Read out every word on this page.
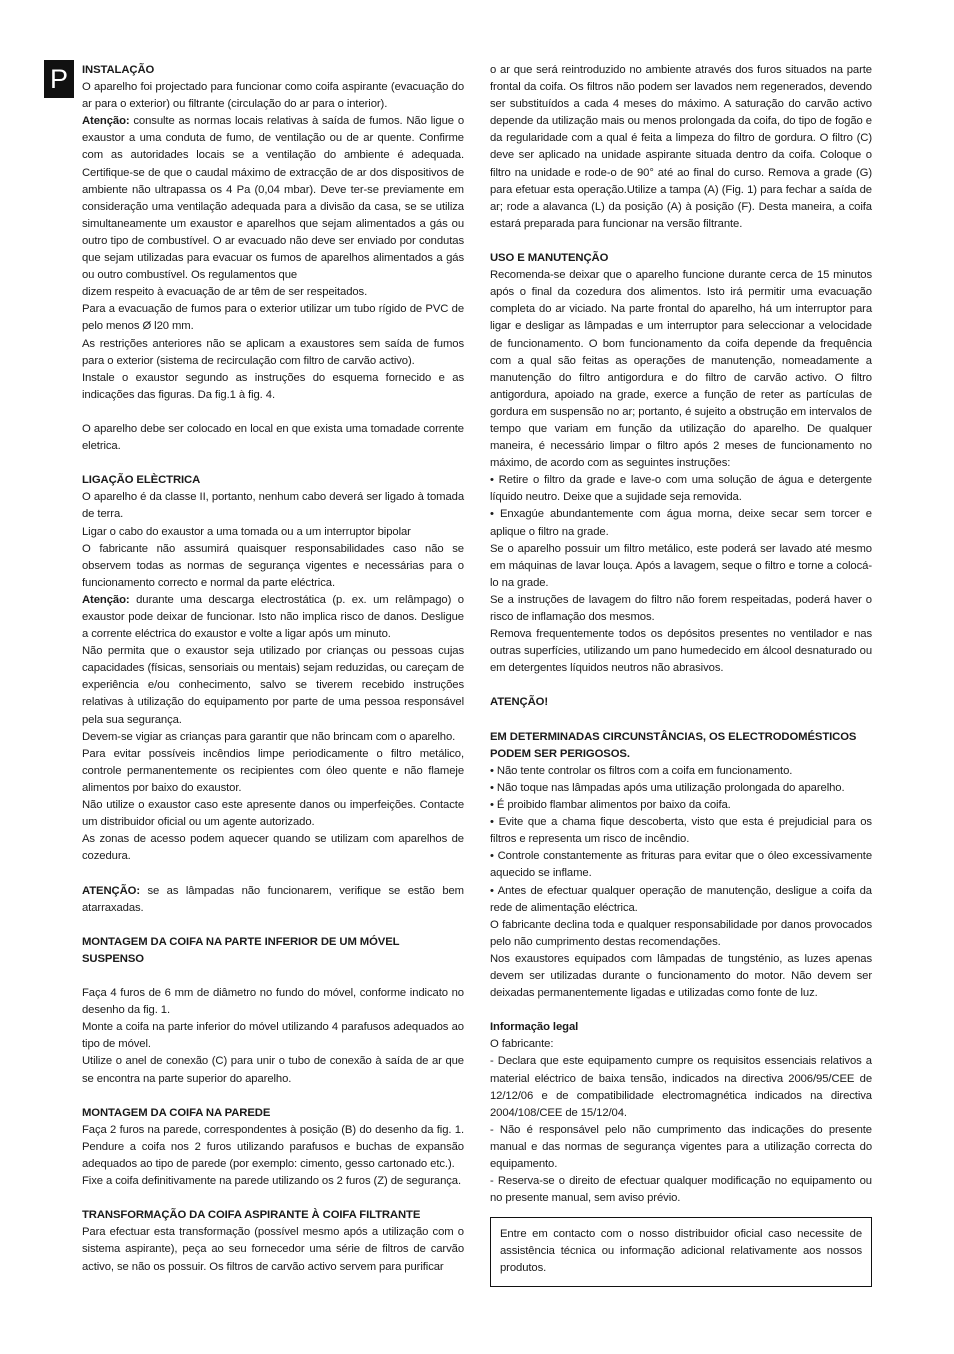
P	INSTALAÇÃO

O aparelho foi projectado para funcionar como coifa aspirante (evacuação do ar para o exterior) ou filtrante (circulação do ar para o interior).

Atenção: consulte as normas locais relativas à saída de fumos. Não ligue o exaustor a uma conduta de fumo, de ventilação ou de ar quente. Confirme com as autoridades locais se a ventilação do ambiente é adequada. Certifique-se de que o caudal máximo de extracção de ar dos dispositivos de ambiente não ultrapassa os 4 Pa (0,04 mbar). Deve ter-se previamente em consideração uma ventilação adequada para a divisão da casa, se se utiliza simultaneamente um exaustor e aparelhos que sejam alimentados a gás ou outro tipo de combustível. O ar evacuado não deve ser enviado por condutas que sejam utilizadas para evacuar os fumos de aparelhos alimentados a gás ou outro combustível. Os regulamentos que

dizem respeito à evacuação de ar têm de ser respeitados.

Para a evacuação de fumos para o exterior utilizar um tubo rígido de PVC de pelo menos Ø l20 mm.

As restrições anteriores não se aplicam a exaustores sem saída de fumos para o exterior (sistema de recirculação com filtro de carvão activo).

Instale o exaustor segundo as instruções do esquema fornecido e as indicações das figuras. Da fig.1 à fig. 4.

O aparelho debe ser colocado en local en que exista uma tomadade corrente eletrica.

LIGAÇÃO ELÈCTRICA

O aparelho é da classe II, portanto, nenhum cabo deverá ser ligado à tomada de terra.

Ligar o cabo do exaustor a uma tomada ou a um interruptor bipolar

O fabricante não assumirá quaisquer responsabilidades caso não se observem todas as normas de segurança vigentes e necessárias para o funcionamento correcto e normal da parte eléctrica.

Atenção: durante uma descarga electrostática (p. ex. um relâmpago) o exaustor pode deixar de funcionar. Isto não implica risco de danos. Desligue a corrente eléctrica do exaustor e volte a ligar após um minuto.

Não permita que o exaustor seja utilizado por crianças ou pessoas cujas capacidades (físicas, sensoriais ou mentais) sejam reduzidas, ou careçam de experiência e/ou conhecimento, salvo se tiverem recebido instruções relativas à utilização do equipamento por parte de uma pessoa responsável pela sua segurança.

Devem-se vigiar as crianças para garantir que não brincam com o aparelho.

Para evitar possíveis incêndios limpe periodicamente o filtro metálico, controle permanentemente os recipientes com óleo quente e não flameje alimentos por baixo do exaustor.

Não utilize o exaustor caso este apresente danos ou imperfeições. Contacte um distribuidor oficial ou um agente autorizado.

As zonas de acesso podem aquecer quando se utilizam com aparelhos de cozedura.

ATENÇÃO: se as lâmpadas não funcionarem, verifique se estão bem atarraxadas.

MONTAGEM DA COIFA NA PARTE INFERIOR DE UM MÓVEL SUSPENSO

Faça 4 furos de 6 mm de diâmetro no fundo do móvel, conforme indicato no desenho da fig. 1.

Monte a coifa na parte inferior do móvel utilizando 4 parafusos adequados ao tipo de móvel.

Utilize o anel de conexão (C) para unir o tubo de conexão à saída de ar que se encontra na parte superior do aparelho.

MONTAGEM DA COIFA NA PAREDE

Faça 2 furos na parede, correspondentes à posição (B) do desenho da fig. 1. Pendure a coifa nos 2 furos utilizando parafusos e buchas de expansão adequados ao tipo de parede (por exemplo: cimento, gesso cartonado etc.).

Fixe a coifa definitivamente na parede utilizando os 2 furos (Z) de segurança.

TRANSFORMAÇÃO DA COIFA ASPIRANTE À COIFA FILTRANTE

Para efectuar esta transformação (possível mesmo após a utilização com o sistema aspirante), peça ao seu fornecedor uma série de filtros de carvão activo, se não os possuir. Os filtros de carvão activo servem para purificar

o ar que será reintroduzido no ambiente através dos furos situados na parte frontal da coifa. Os filtros não podem ser lavados nem regenerados, devendo ser substituídos a cada 4 meses do máximo. A saturação do carvão activo depende da utilização mais ou menos prolongada da coifa, do tipo de fogão e da regularidade com a qual é feita a limpeza do filtro de gordura. O filtro (C) deve ser aplicado na unidade aspirante situada dentro da coifa. Coloque o filtro na unidade e rode-o de 90° até ao final do curso. Remova a grade (G) para efetuar esta operação.Utilize a tampa (A) (Fig. 1) para fechar a saída de ar; rode a alavanca (L) da posição (A) à posição (F). Desta maneira, a coifa estará preparada para funcionar na versão filtrante.

USO E MANUTENÇÃO

Recomenda-se deixar que o aparelho funcione durante cerca de 15 minutos após o final da cozedura dos alimentos. Isto irá permitir uma evacuação completa do ar viciado. Na parte frontal do aparelho, há um interruptor para ligar e desligar as lâmpadas e um interruptor para seleccionar a velocidade de funcionamento. O bom funcionamento da coifa depende da frequência com a qual são feitas as operações de manutenção, nomeadamente a manutenção do filtro antigordura e do filtro de carvão activo. O filtro antigordura, apoiado na grade, exerce a função de reter as partículas de gordura em suspensão no ar; portanto, é sujeito a obstrução em intervalos de tempo que variam em função da utilização do aparelho. De qualquer maneira, é necessário limpar o filtro após 2 meses de funcionamento no máximo, de acordo com as seguintes instruções:

• Retire o filtro da grade e lave-o com uma solução de água e detergente líquido neutro. Deixe que a sujidade seja removida.

• Enxagúe abundantemente com água morna, deixe secar sem torcer e aplique o filtro na grade.

Se o aparelho possuir um filtro metálico, este poderá ser lavado até mesmo em máquinas de lavar louça. Após a lavagem, seque o filtro e torne a colocá-lo na grade.

Se a instruções de lavagem do filtro não forem respeitadas, poderá haver o risco de inflamação dos mesmos.

Remova frequentemente todos os depósitos presentes no ventilador e nas outras superfícies, utilizando um pano humedecido em álcool desnaturado ou em detergentes líquidos neutros não abrasivos.

ATENÇÃO!
EM DETERMINADAS CIRCUNSTÂNCIAS, OS ELECTRODOMÉSTICOS PODEM SER PERIGOSOS.

• Não tente controlar os filtros com a coifa em funcionamento.

• Não toque nas lâmpadas após uma utilização prolongada do aparelho.

• É proibido flambar alimentos por baixo da coifa.

• Evite que a chama fique descoberta, visto que esta é prejudicial para os filtros e representa um risco de incêndio.

• Controle constantemente as frituras para evitar que o óleo excessivamente aquecido se inflame.

• Antes de efectuar qualquer operação de manutenção, desligue a coifa da rede de alimentação eléctrica.

O fabricante declina toda e qualquer responsabilidade por danos provocados pelo não cumprimento destas recomendações.

Nos exaustores equipados com lâmpadas de tungsténio, as luzes apenas devem ser utilizadas durante o funcionamento do motor. Não devem ser deixadas permanentemente ligadas e utilizadas como fonte de luz.

Informação legal

O fabricante:

- Declara que este equipamento cumpre os requisitos essenciais relativos a material eléctrico de baixa tensão, indicados na directiva 2006/95/CEE de 12/12/06 e de compatibilidade electromagnética indicados na directiva 2004/108/CEE de 15/12/04.

- Não é responsável pelo não cumprimento das indicações do presente manual e das normas de segurança vigentes para a utilização correcta do equipamento.

- Reserva-se o direito de efectuar qualquer modificação no equipamento ou no presente manual, sem aviso prévio.

Entre em contacto com o nosso distribuidor oficial caso necessite de assistência técnica ou informação adicional relativamente aos nossos produtos.
